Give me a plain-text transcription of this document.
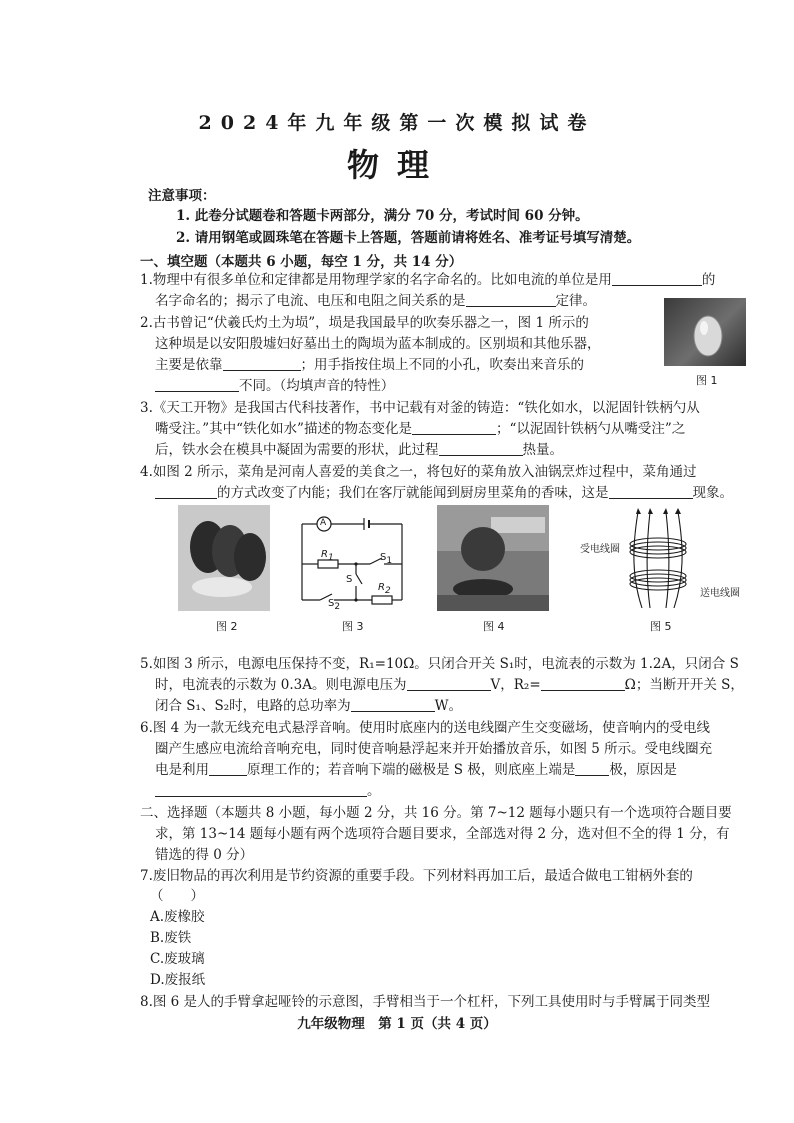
2024年九年级第一次模拟试卷
物理
注意事项：
1. 此卷分试题卷和答题卡两部分，满分 70 分，考试时间 60 分钟。
2. 请用钢笔或圆珠笔在答题卡上答题，答题前请将姓名、准考证号填写清楚。
一、填空题（本题共 6 小题，每空 1 分，共 14 分）
1.物理中有很多单位和定律都是用物理学家的名字命名的。比如电流的单位是用	的
名字命名的；揭示了电流、电压和电阻之间关系的是	定律。
2.古书曾记“伏羲氏灼土为埙”，埙是我国最早的吹奏乐器之一，图 1 所示的
这种埙是以安阳殷墟妇好墓出土的陶埙为蓝本制成的。区别埙和其他乐器，
主要是依靠	；用手指按住埙上不同的小孔，吹奏出来音乐的
不同。（均填声音的特性）	图 1
3.《天工开物》是我国古代科技著作，书中记载有对釜的铸造：“铁化如水，以泥固针铁柄勺从
嘴受注。”其中“铁化如水”描述的物态变化是	；“以泥固针铁柄勺从嘴受注”之
后，铁水会在模具中凝固为需要的形状，此过程	热量。
4.如图 2 所示，菜角是河南人喜爱的美食之一，将包好的菜角放入油锅烹炸过程中，菜角通过
的方式改变了内能；我们在客厅就能闻到厨房里菜角的香味，这是	现象。
图 2
A
R1	S1
S
R2
S2
图 3	图 4
受电线圈
送电线圈
图 5
5.如图 3 所示，电源电压保持不变，R₁=10Ω。只闭合开关 S₁时，电流表的示数为 1.2A，只闭合 S
时，电流表的示数为 0.3A。则电源电压为	V，R₂=	Ω；当断开开关 S，
闭合 S₁、S₂时，电路的总功率为	W。
6.图 4 为一款无线充电式悬浮音响。使用时底座内的送电线圈产生交变磁场，使音响内的受电线
圈产生感应电流给音响充电，同时使音响悬浮起来并开始播放音乐，如图 5 所示。受电线圈充
电是利用	原理工作的；若音响下端的磁极是 S 极，则底座上端是	极，原因是
。
二、选择题（本题共 8 小题，每小题 2 分，共 16 分。第 7~12 题每小题只有一个选项符合题目要
求，第 13~14 题每小题有两个选项符合题目要求，全部选对得 2 分，选对但不全的得 1 分，有
错选的得 0 分）
7.废旧物品的再次利用是节约资源的重要手段。下列材料再加工后，最适合做电工钳柄外套的
（　　）
A.废橡胶
B.废铁
C.废玻璃
D.废报纸
8.图 6 是人的手臂拿起哑铃的示意图，手臂相当于一个杠杆，下列工具使用时与手臂属于同类型
九年级物理　第 1 页（共 4 页）
